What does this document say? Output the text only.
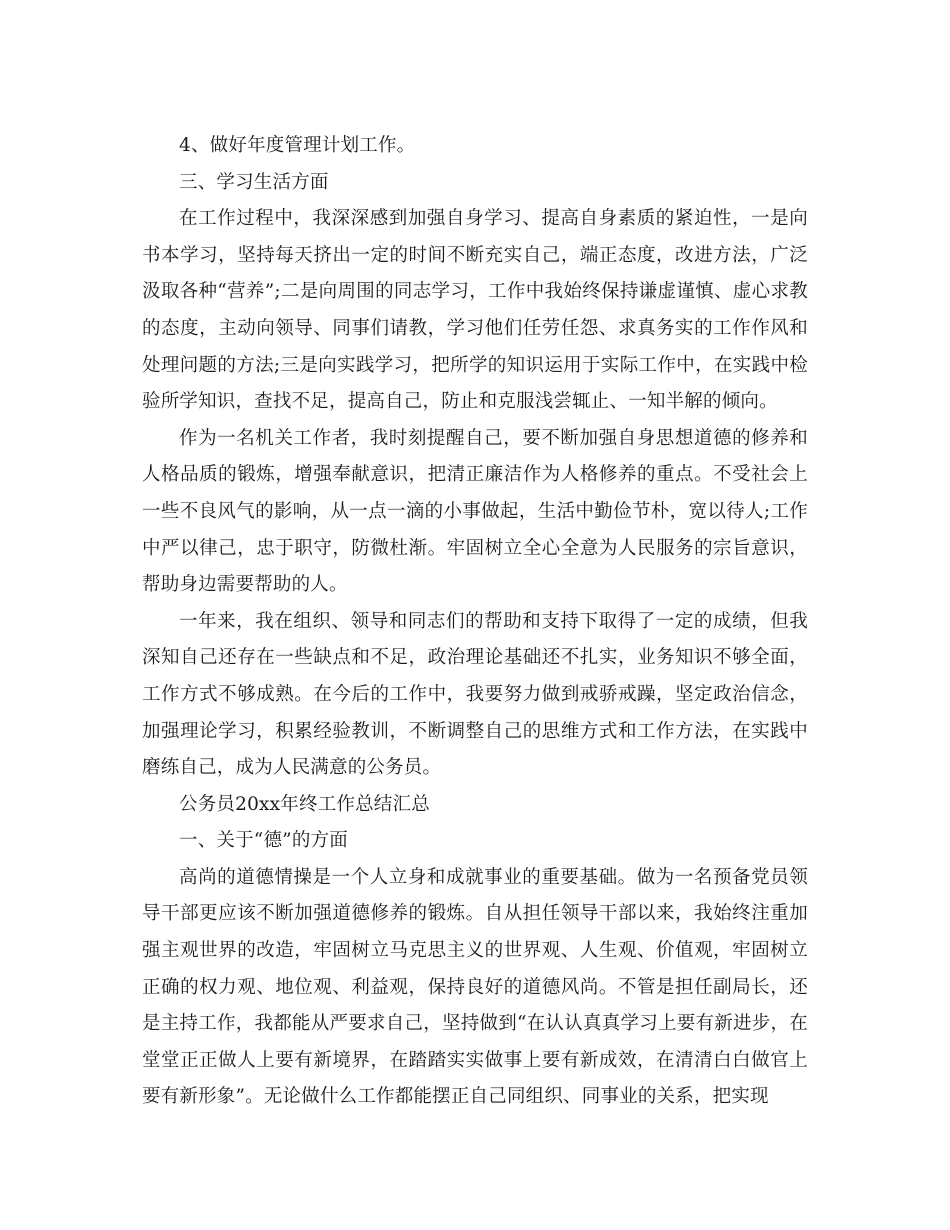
4、做好年度管理计划工作。

三、学习生活方面

在工作过程中，我深深感到加强自身学习、提高自身素质的紧迫性，一是向书本学习，坚持每天挤出一定的时间不断充实自己，端正态度，改进方法，广泛汲取各种“营养”;二是向周围的同志学习，工作中我始终保持谦虚谨慎、虚心求教的态度，主动向领导、同事们请教，学习他们任劳任怨、求真务实的工作作风和处理问题的方法;三是向实践学习，把所学的知识运用于实际工作中，在实践中检验所学知识，查找不足，提高自己，防止和克服浅尝辄止、一知半解的倾向。

作为一名机关工作者，我时刻提醒自己，要不断加强自身思想道德的修养和人格品质的锻炼，增强奉献意识，把清正廉洁作为人格修养的重点。不受社会上一些不良风气的影响，从一点一滴的小事做起，生活中勤俭节朴，宽以待人;工作中严以律己，忠于职守，防微杜渐。牢固树立全心全意为人民服务的宗旨意识，帮助身边需要帮助的人。

一年来，我在组织、领导和同志们的帮助和支持下取得了一定的成绩，但我深知自己还存在一些缺点和不足，政治理论基础还不扎实，业务知识不够全面，工作方式不够成熟。在今后的工作中，我要努力做到戒骄戒躁，坚定政治信念，加强理论学习，积累经验教训，不断调整自己的思维方式和工作方法，在实践中磨练自己，成为人民满意的公务员。

公务员20xx年终工作总结汇总

一、关于“德”的方面

高尚的道德情操是一个人立身和成就事业的重要基础。做为一名预备党员领导干部更应该不断加强道德修养的锻炼。自从担任领导干部以来，我始终注重加强主观世界的改造，牢固树立马克思主义的世界观、人生观、价值观，牢固树立正确的权力观、地位观、利益观，保持良好的道德风尚。不管是担任副局长，还是主持工作，我都能从严要求自己，坚持做到“在认认真真学习上要有新进步，在堂堂正正做人上要有新境界，在踏踏实实做事上要有新成效，在清清白白做官上要有新形象”。无论做什么工作都能摆正自己同组织、同事业的关系，把实现
